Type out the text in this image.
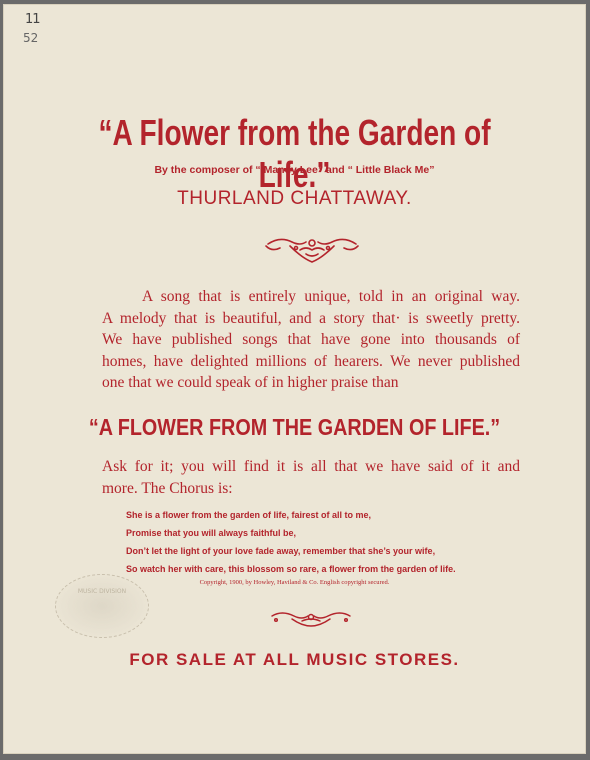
11
52
“A Flower from the Garden of Life.”
By the composer of “ Mandy Lee” and “ Little Black Me”
THURLAND CHATTAWAY.
A song that is entirely unique, told in an original way.
A melody that is beautiful, and a story that· is sweetly pretty.
We have published songs that have gone into thousands of
homes, have delighted millions of hearers. We never published
one that we could speak of in higher praise than
“A FLOWER FROM THE GARDEN OF LIFE.”
Ask for it; you will find it is all that we have said of it and
more. The Chorus is:
She is a flower from the garden of life, fairest of all to me,
Promise that you will always faithful be,
Don’t let the light of your love fade away, remember that she’s your wife,
So watch her with care, this blossom so rare, a flower from the garden of life.
Copyright, 1900, by Howley, Haviland & Co. English copyright secured.
MUSIC DIVISION
FOR SALE AT ALL MUSIC STORES.
